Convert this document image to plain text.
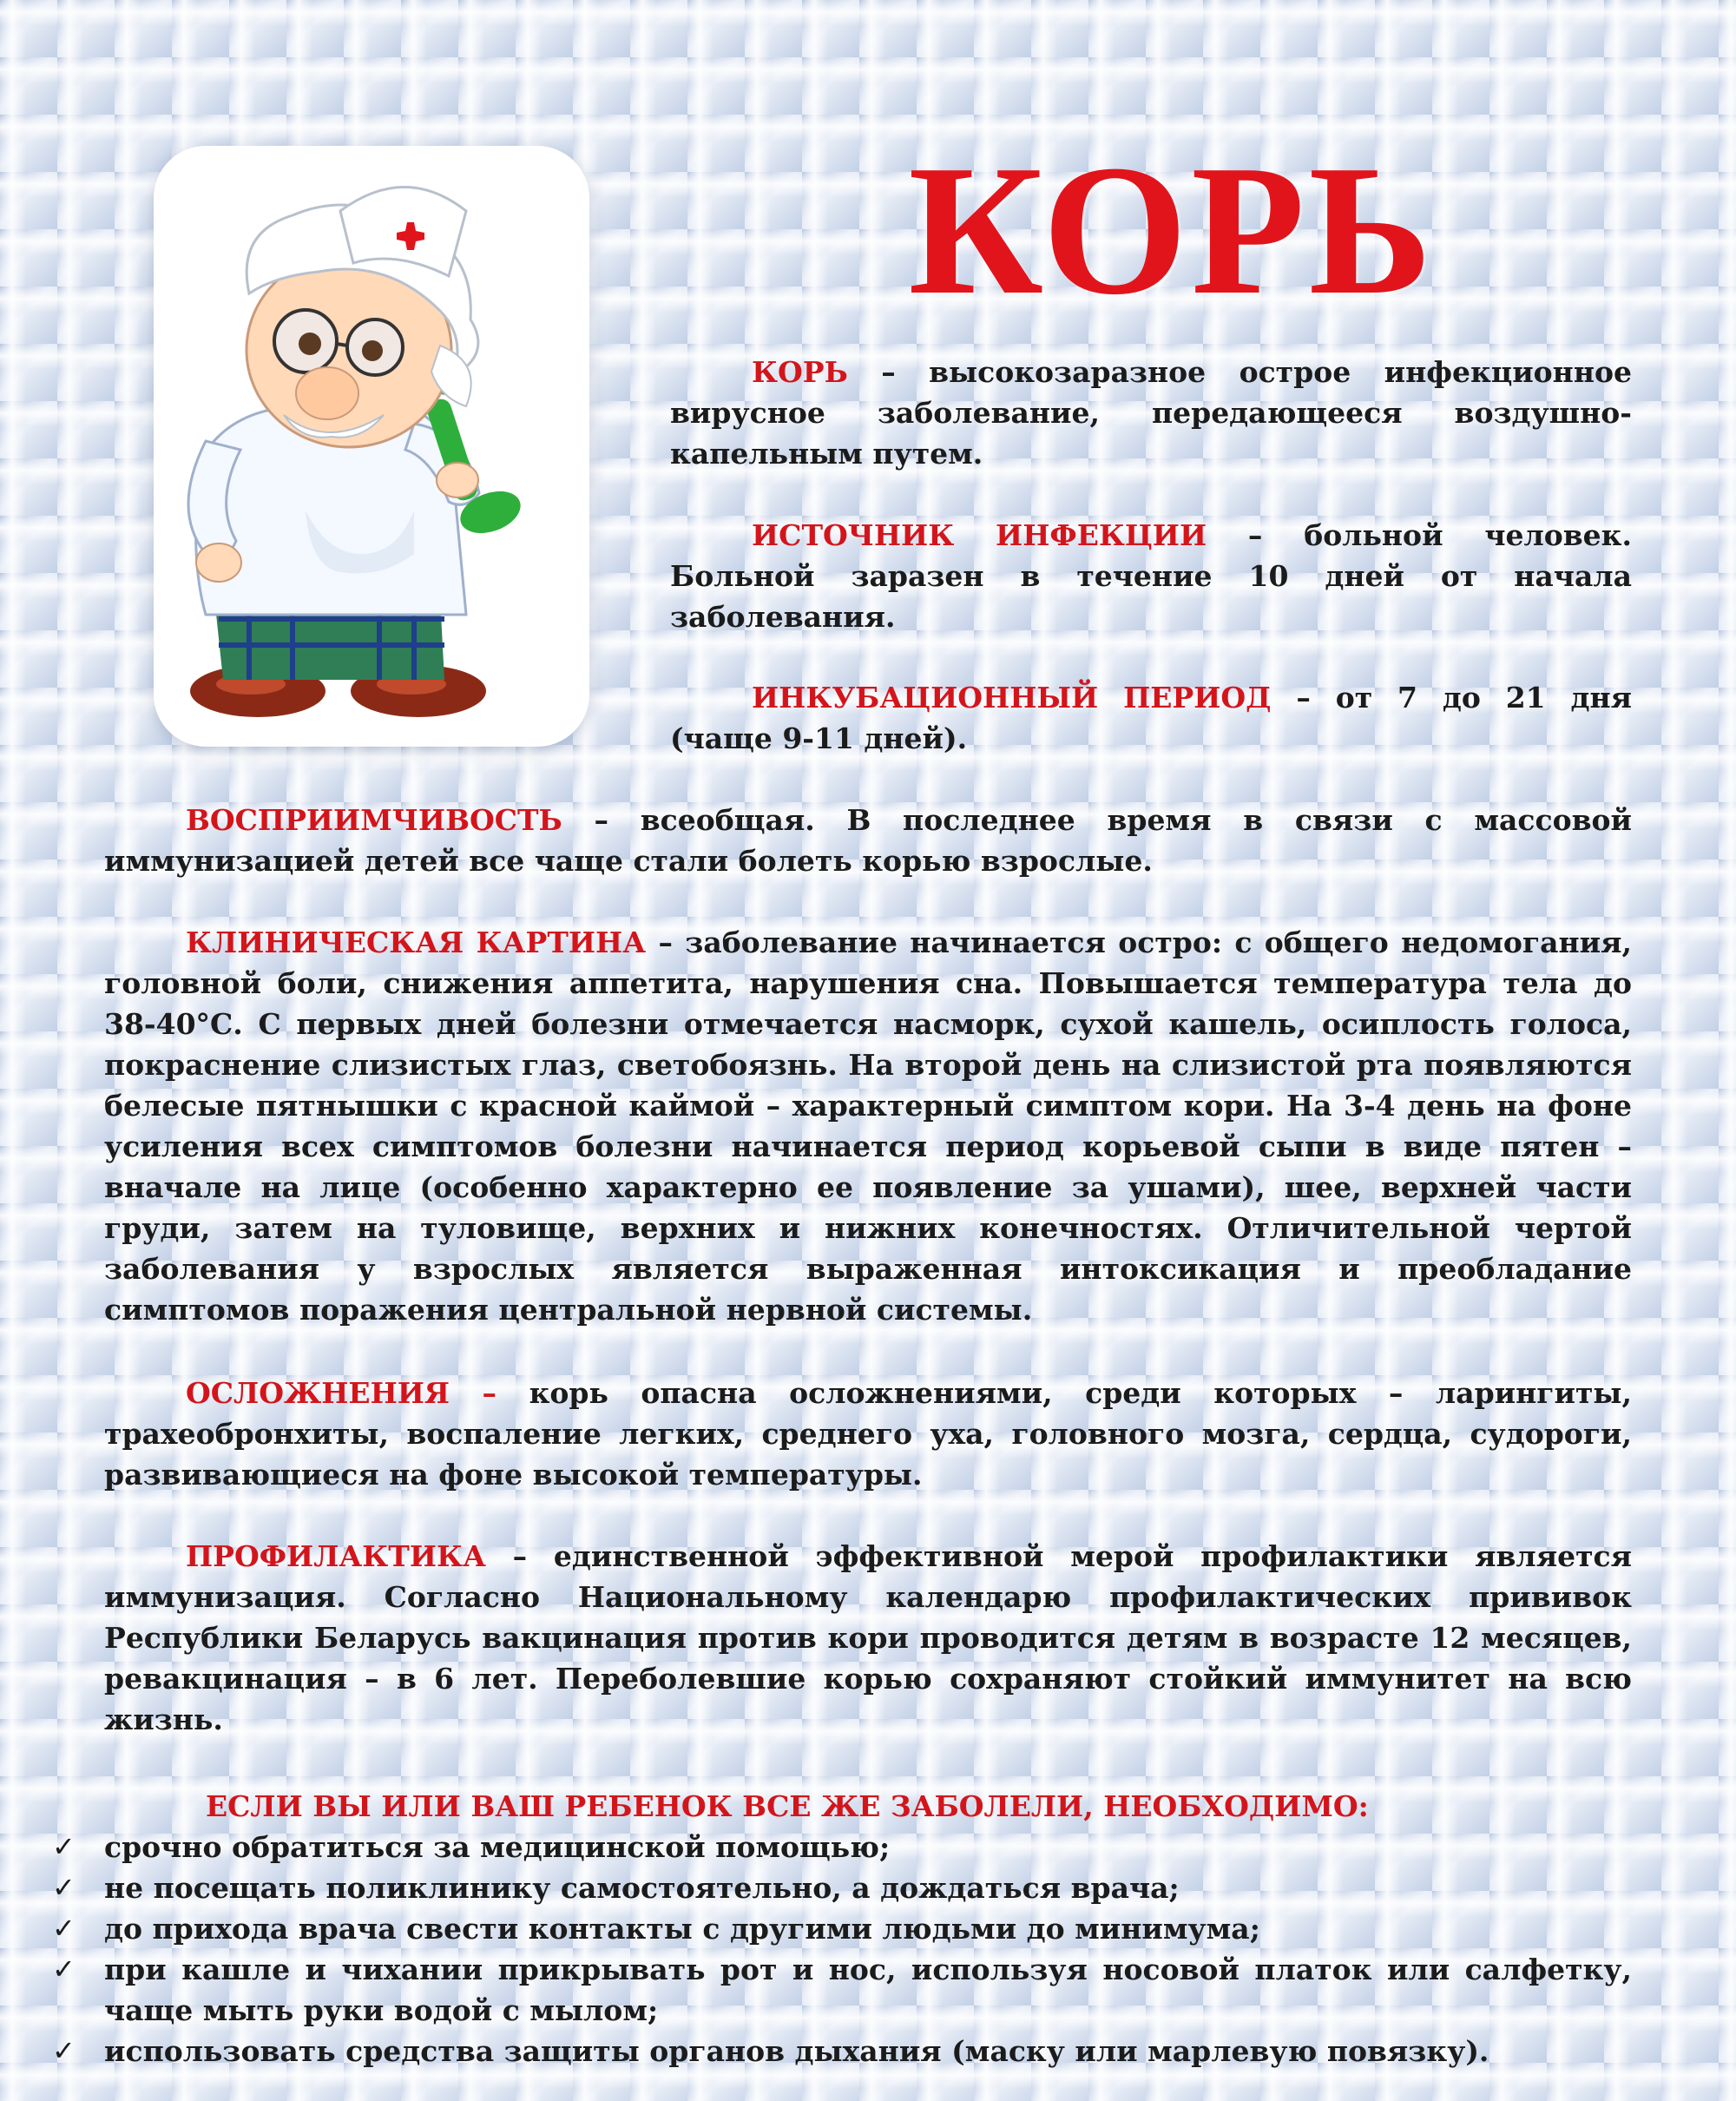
КОРЬ

КОРЬ – высокозаразное острое инфекционное вирусное заболевание, передающееся воздушно-капельным путем.

ИСТОЧНИК ИНФЕКЦИИ – больной человек. Больной заразен в течение 10 дней от начала заболевания.

ИНКУБАЦИОННЫЙ ПЕРИОД – от 7 до 21 дня (чаще 9-11 дней).

ВОСПРИИМЧИВОСТЬ – всеобщая. В последнее время в связи с массовой иммунизацией детей все чаще стали болеть корью взрослые.

КЛИНИЧЕСКАЯ КАРТИНА – заболевание начинается остро: с общего недомогания, головной боли, снижения аппетита, нарушения сна. Повышается температура тела до 38-40°С. С первых дней болезни отмечается насморк, сухой кашель, осиплость голоса, покраснение слизистых глаз, светобоязнь. На второй день на слизистой рта появляются белесые пятнышки с красной каймой – характерный симптом кори. На 3-4 день на фоне усиления всех симптомов болезни начинается период корьевой сыпи в виде пятен – вначале на лице (особенно характерно ее появление за ушами), шее, верхней части груди, затем на туловище, верхних и нижних конечностях. Отличительной чертой заболевания у взрослых является выраженная интоксикация и преобладание симптомов поражения центральной нервной системы.

ОСЛОЖНЕНИЯ – корь опасна осложнениями, среди которых – ларингиты, трахеобронхиты, воспаление легких, среднего уха, головного мозга, сердца, судороги, развивающиеся на фоне высокой температуры.

ПРОФИЛАКТИКА – единственной эффективной мерой профилактики является иммунизация. Согласно Национальному календарю профилактических прививок Республики Беларусь вакцинация против кори проводится детям в возрасте 12 месяцев, ревакцинация – в 6 лет. Переболевшие корью сохраняют стойкий иммунитет на всю жизнь.

ЕСЛИ ВЫ ИЛИ ВАШ РЕБЕНОК ВСЕ ЖЕ ЗАБОЛЕЛИ, НЕОБХОДИМО:
✓	срочно обратиться за медицинской помощью;
✓	не посещать поликлинику самостоятельно, а дождаться врача;
✓	до прихода врача свести контакты с другими людьми до минимума;
✓	при кашле и чихании прикрывать рот и нос, используя носовой платок или салфетку, чаще мыть руки водой с мылом;
✓	использовать средства защиты органов дыхания (маску или марлевую повязку).
